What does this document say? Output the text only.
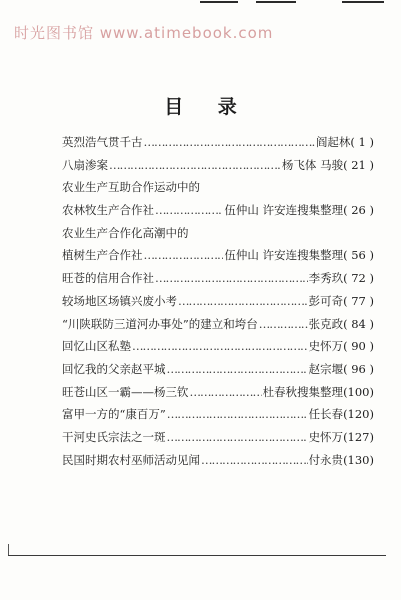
时光图书馆 www.atimebook.com
目 录
英烈浩气贯千古 ……………………………………………………………………………………………………	阎起林 ( 1 )
八扇渗案 ……………………………………………………………………………………………………	杨飞体 马骏 ( 21 )
农业生产互助合作运动中的
农林牧生产合作社 ……………………………………………………………………………………………………	伍仲山 许安连搜集整理 ( 26 )
农业生产合作化高潮中的
植树生产合作社 ……………………………………………………………………………………………………	伍仲山 许安连搜集整理 ( 56 )
旺苍的信用合作社 ……………………………………………………………………………………………………	李秀玖 ( 72 )
较场地区场镇兴废小考 ……………………………………………………………………………………………………	彭可奇 ( 77 )
“川陕联防三道河办事处”的建立和垮台 ……………………………………………………………………………………………………	张克政 ( 84 )
回忆山区私塾 ……………………………………………………………………………………………………	史怀万 ( 90 )
回忆我的父亲赵平城 ……………………………………………………………………………………………………	赵宗堰 ( 96 )
旺苍山区一霸——杨三钦 ……………………………………………………………………………………………………	杜春秋搜集整理 (100)
富甲一方的“康百万” ……………………………………………………………………………………………………	任长春 (120)
干河史氏宗法之一斑 ……………………………………………………………………………………………………	史怀万 (127)
民国时期农村巫师活动见闻 ……………………………………………………………………………………………………	付永贵 (130)
